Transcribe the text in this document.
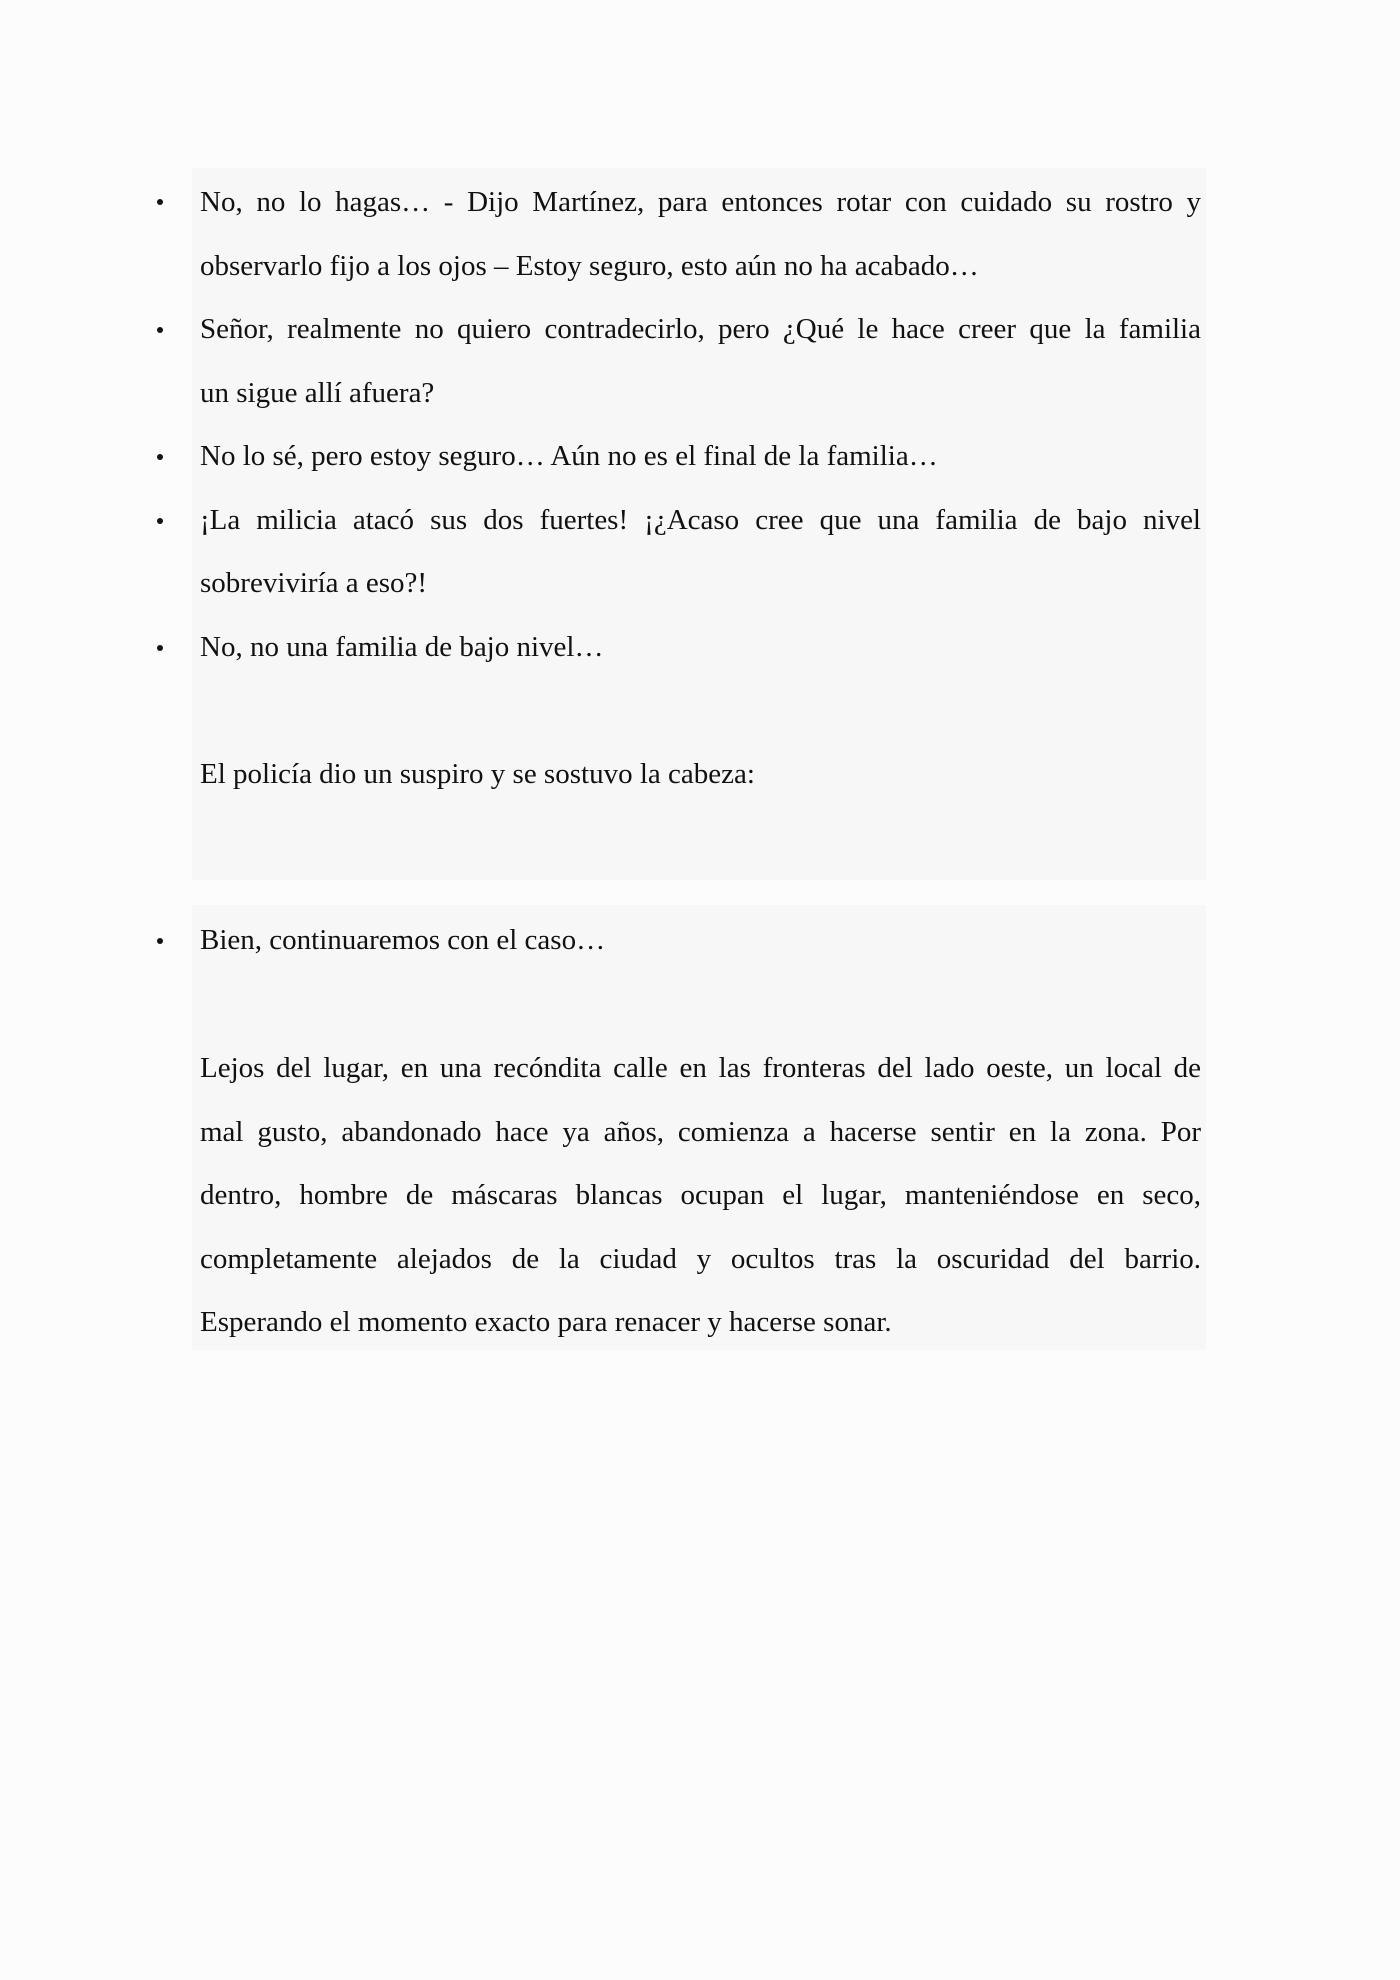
No, no lo hagas… - Dijo Martínez, para entonces rotar con cuidado su rostro y
observarlo fijo a los ojos – Estoy seguro, esto aún no ha acabado…
Señor, realmente no quiero contradecirlo, pero ¿Qué le hace creer que la familia
un sigue allí afuera?
No lo sé, pero estoy seguro… Aún no es el final de la familia…
¡La milicia atacó sus dos fuertes! ¡¿Acaso cree que una familia de bajo nivel
sobreviviría a eso?!
No, no una familia de bajo nivel…
El policía dio un suspiro y se sostuvo la cabeza:
Bien, continuaremos con el caso…
Lejos del lugar, en una recóndita calle en las fronteras del lado oeste, un local de
mal gusto, abandonado hace ya años, comienza a hacerse sentir en la zona. Por
dentro, hombre de máscaras blancas ocupan el lugar, manteniéndose en seco,
completamente alejados de la ciudad y ocultos tras la oscuridad del barrio.
Esperando el momento exacto para renacer y hacerse sonar.
